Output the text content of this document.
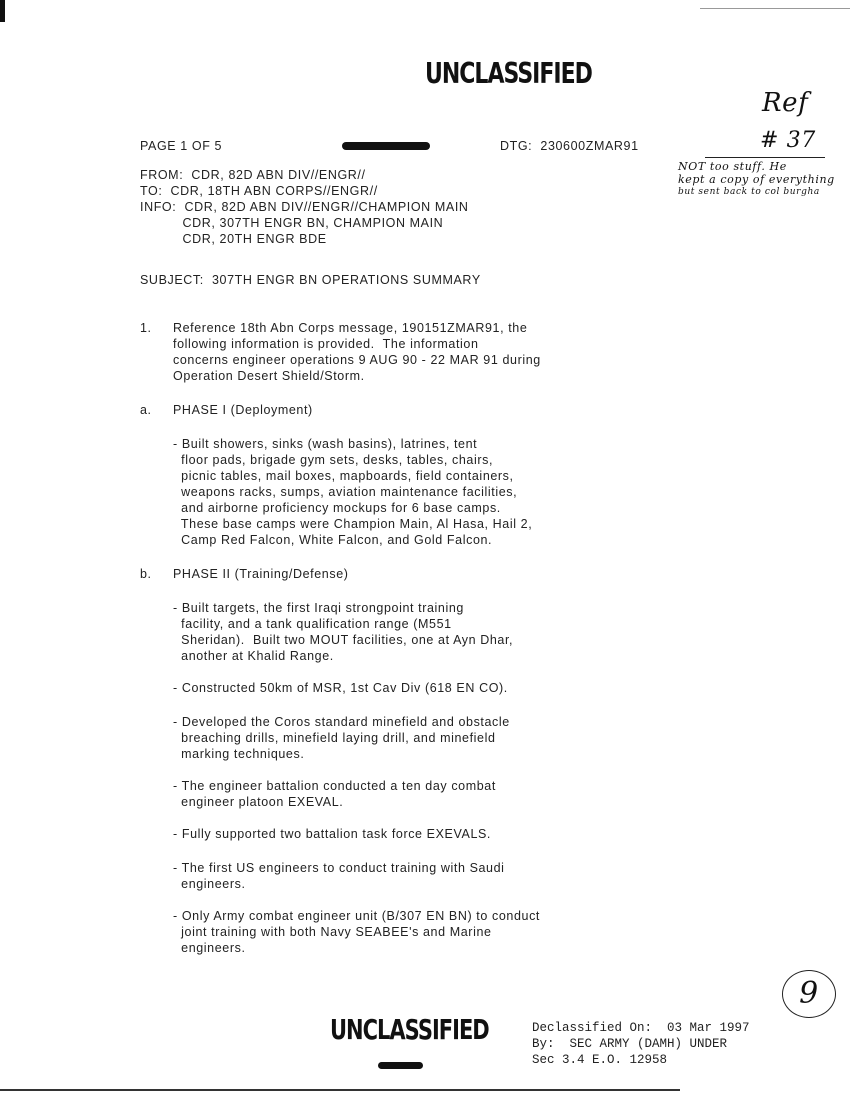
UNCLASSIFIED
Ref
# 37
NOT too stuff. He
kept a copy of everything
but sent back to col burgha
PAGE 1 OF 5	DTG:  230600ZMAR91
FROM:  CDR, 82D ABN DIV//ENGR//
TO:  CDR, 18TH ABN CORPS//ENGR//
INFO:  CDR, 82D ABN DIV//ENGR//CHAMPION MAIN
CDR, 307TH ENGR BN, CHAMPION MAIN
CDR, 20TH ENGR BDE
SUBJECT:  307TH ENGR BN OPERATIONS SUMMARY
1. Reference 18th Abn Corps message, 190151ZMAR91, the
following information is provided.  The information
concerns engineer operations 9 AUG 90 - 22 MAR 91 during
Operation Desert Shield/Storm.
a. PHASE I (Deployment)
- Built showers, sinks (wash basins), latrines, tent
floor pads, brigade gym sets, desks, tables, chairs,
picnic tables, mail boxes, mapboards, field containers,
weapons racks, sumps, aviation maintenance facilities,
and airborne proficiency mockups for 6 base camps.
These base camps were Champion Main, Al Hasa, Hail 2,
Camp Red Falcon, White Falcon, and Gold Falcon.
b. PHASE II (Training/Defense)
- Built targets, the first Iraqi strongpoint training
facility, and a tank qualification range (M551
Sheridan).  Built two MOUT facilities, one at Ayn Dhar,
another at Khalid Range.
- Constructed 50km of MSR, 1st Cav Div (618 EN CO).
- Developed the Coros standard minefield and obstacle
breaching drills, minefield laying drill, and minefield
marking techniques.
- The engineer battalion conducted a ten day combat
engineer platoon EXEVAL.
- Fully supported two battalion task force EXEVALS.
- The first US engineers to conduct training with Saudi
engineers.
- Only Army combat engineer unit (B/307 EN BN) to conduct
joint training with both Navy SEABEE's and Marine
engineers.
9
UNCLASSIFIED	Declassified On:  03 Mar 1997
By:  SEC ARMY (DAMH) UNDER
Sec 3.4 E.O. 12958
